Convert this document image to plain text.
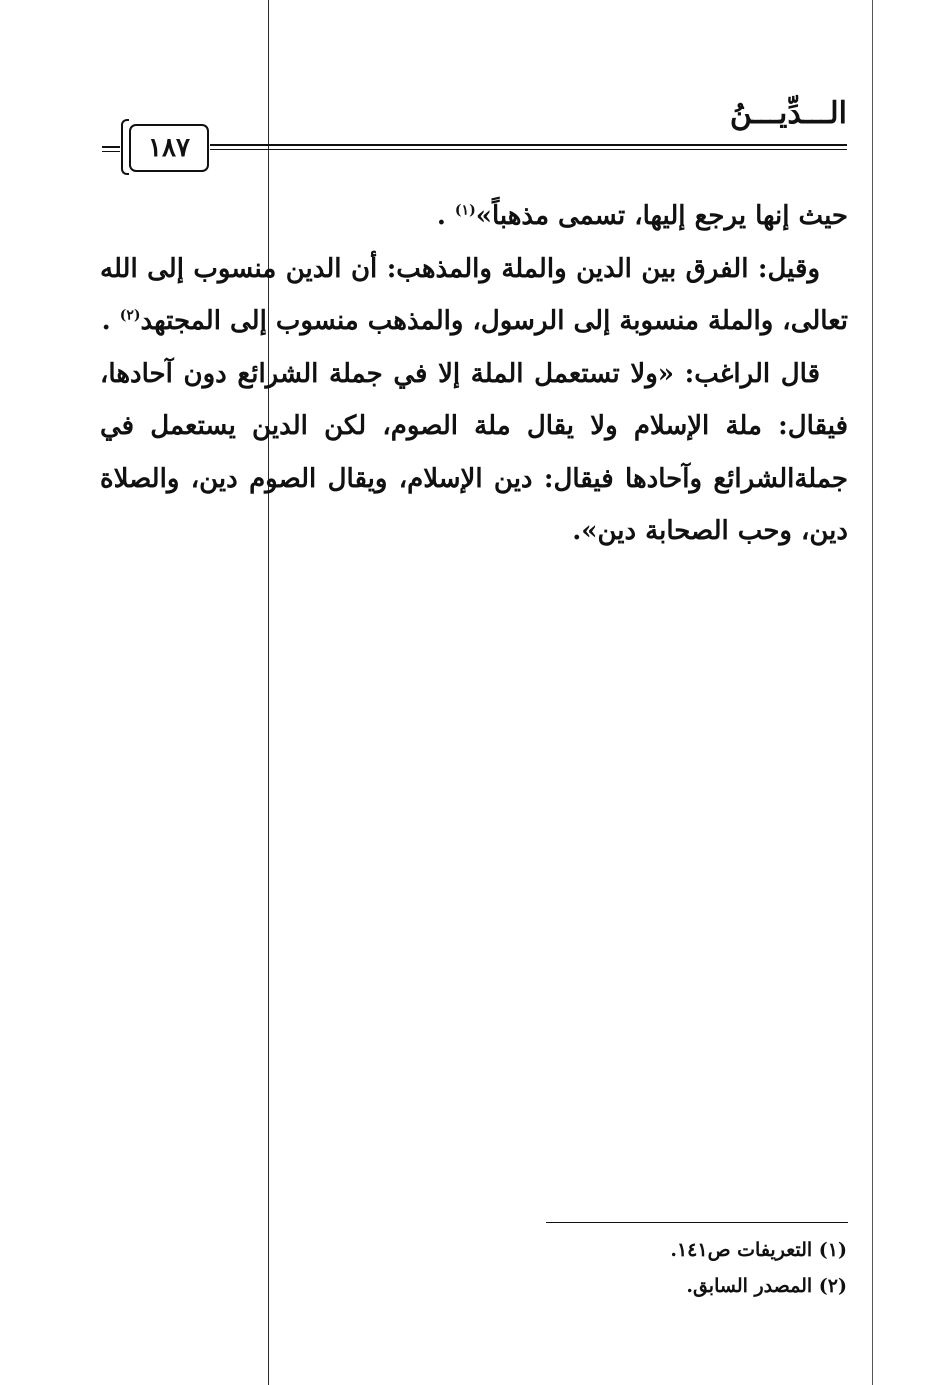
الـــدِّيـــنُ
١٨٧

حيث إنها يرجع إليها، تسمى مذهباً»$^{(١)}$ .

وقيل: الفرق بين الدين والملة والمذهب: أن الدين منسوب إلى الله تعالى، والملة منسوبة إلى الرسول، والمذهب منسوب إلى المجتهد$^{(٢)}$ .

قال الراغب: «ولا تستعمل الملة إلا في جملة الشرائع دون آحادها، فيقال: ملة الإسلام ولا يقال ملة الصوم، لكن الدين يستعمل في جملةالشرائع وآحادها فيقال: دين الإسلام، ويقال الصوم دين، والصلاة دين، وحب الصحابة دين».

(١) التعريفات ص١٤١.
(٢) المصدر السابق.
